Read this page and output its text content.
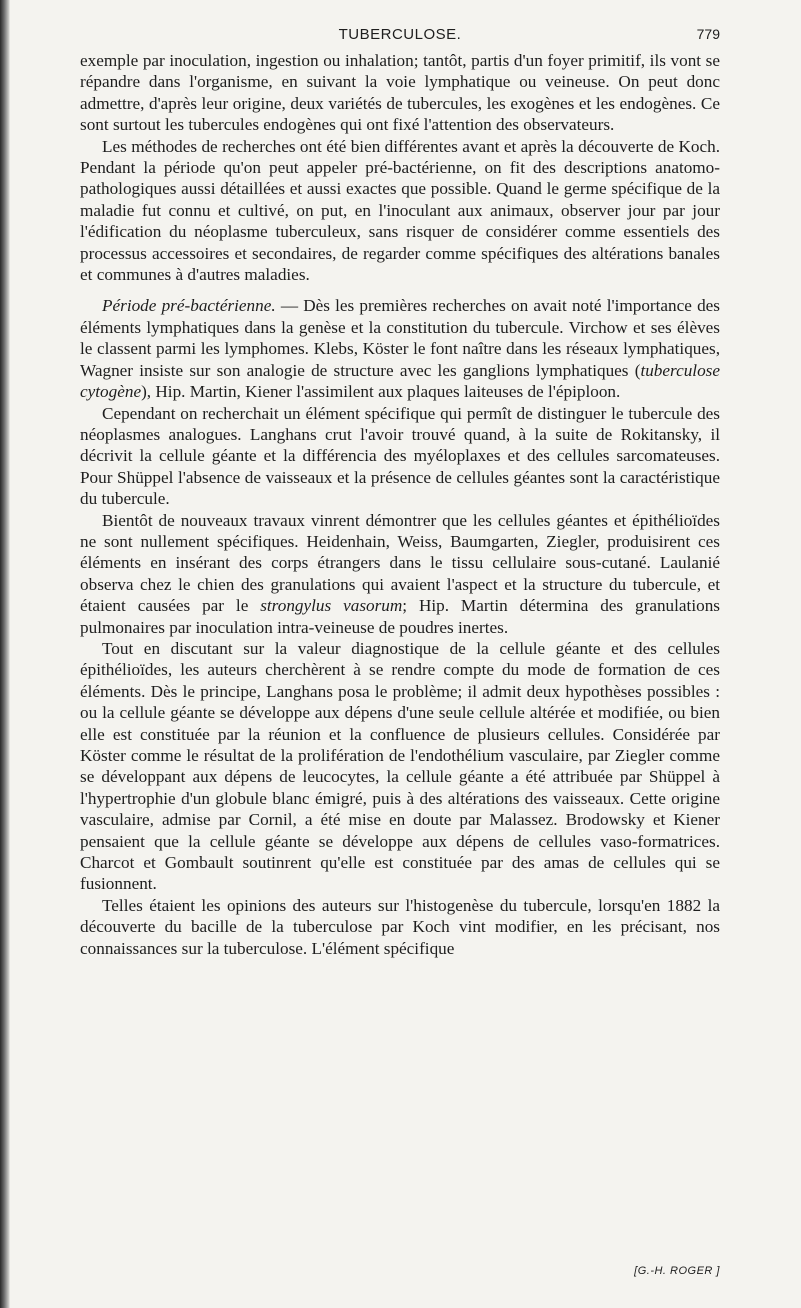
TUBERCULOSE.	779

exemple par inoculation, ingestion ou inhalation; tantôt, partis d'un foyer primitif, ils vont se répandre dans l'organisme, en suivant la voie lymphatique ou veineuse. On peut donc admettre, d'après leur origine, deux variétés de tubercules, les exogènes et les endogènes. Ce sont surtout les tubercules endogènes qui ont fixé l'attention des observateurs.

Les méthodes de recherches ont été bien différentes avant et après la découverte de Koch. Pendant la période qu'on peut appeler pré-bactérienne, on fit des descriptions anatomo-pathologiques aussi détaillées et aussi exactes que possible. Quand le germe spécifique de la maladie fut connu et cultivé, on put, en l'inoculant aux animaux, observer jour par jour l'édification du néoplasme tuberculeux, sans risquer de considérer comme essentiels des processus accessoires et secondaires, de regarder comme spécifiques des altérations banales et communes à d'autres maladies.

Période pré-bactérienne. — Dès les premières recherches on avait noté l'importance des éléments lymphatiques dans la genèse et la constitution du tubercule. Virchow et ses élèves le classent parmi les lymphomes. Klebs, Köster le font naître dans les réseaux lymphatiques, Wagner insiste sur son analogie de structure avec les ganglions lymphatiques (tuberculose cytogène), Hip. Martin, Kiener l'assimilent aux plaques laiteuses de l'épiploon.

Cependant on recherchait un élément spécifique qui permît de distinguer le tubercule des néoplasmes analogues. Langhans crut l'avoir trouvé quand, à la suite de Rokitansky, il décrivit la cellule géante et la différencia des myéloplaxes et des cellules sarcomateuses. Pour Shüppel l'absence de vaisseaux et la présence de cellules géantes sont la caractéristique du tubercule.

Bientôt de nouveaux travaux vinrent démontrer que les cellules géantes et épithélioïdes ne sont nullement spécifiques. Heidenhain, Weiss, Baumgarten, Ziegler, produisirent ces éléments en insérant des corps étrangers dans le tissu cellulaire sous-cutané. Laulanié observa chez le chien des granulations qui avaient l'aspect et la structure du tubercule, et étaient causées par le strongylus vasorum; Hip. Martin détermina des granulations pulmonaires par inoculation intra-veineuse de poudres inertes.

Tout en discutant sur la valeur diagnostique de la cellule géante et des cellules épithélioïdes, les auteurs cherchèrent à se rendre compte du mode de formation de ces éléments. Dès le principe, Langhans posa le problème; il admit deux hypothèses possibles : ou la cellule géante se développe aux dépens d'une seule cellule altérée et modifiée, ou bien elle est constituée par la réunion et la confluence de plusieurs cellules. Considérée par Köster comme le résultat de la prolifération de l'endothélium vasculaire, par Ziegler comme se développant aux dépens de leucocytes, la cellule géante a été attribuée par Shüppel à l'hypertrophie d'un globule blanc émigré, puis à des altérations des vaisseaux. Cette origine vasculaire, admise par Cornil, a été mise en doute par Malassez. Brodowsky et Kiener pensaient que la cellule géante se développe aux dépens de cellules vaso-formatrices. Charcot et Gombault soutinrent qu'elle est constituée par des amas de cellules qui se fusionnent.

Telles étaient les opinions des auteurs sur l'histogenèse du tubercule, lorsqu'en 1882 la découverte du bacille de la tuberculose par Koch vint modifier, en les précisant, nos connaissances sur la tuberculose. L'élément spécifique

[G.-H. ROGER ]
